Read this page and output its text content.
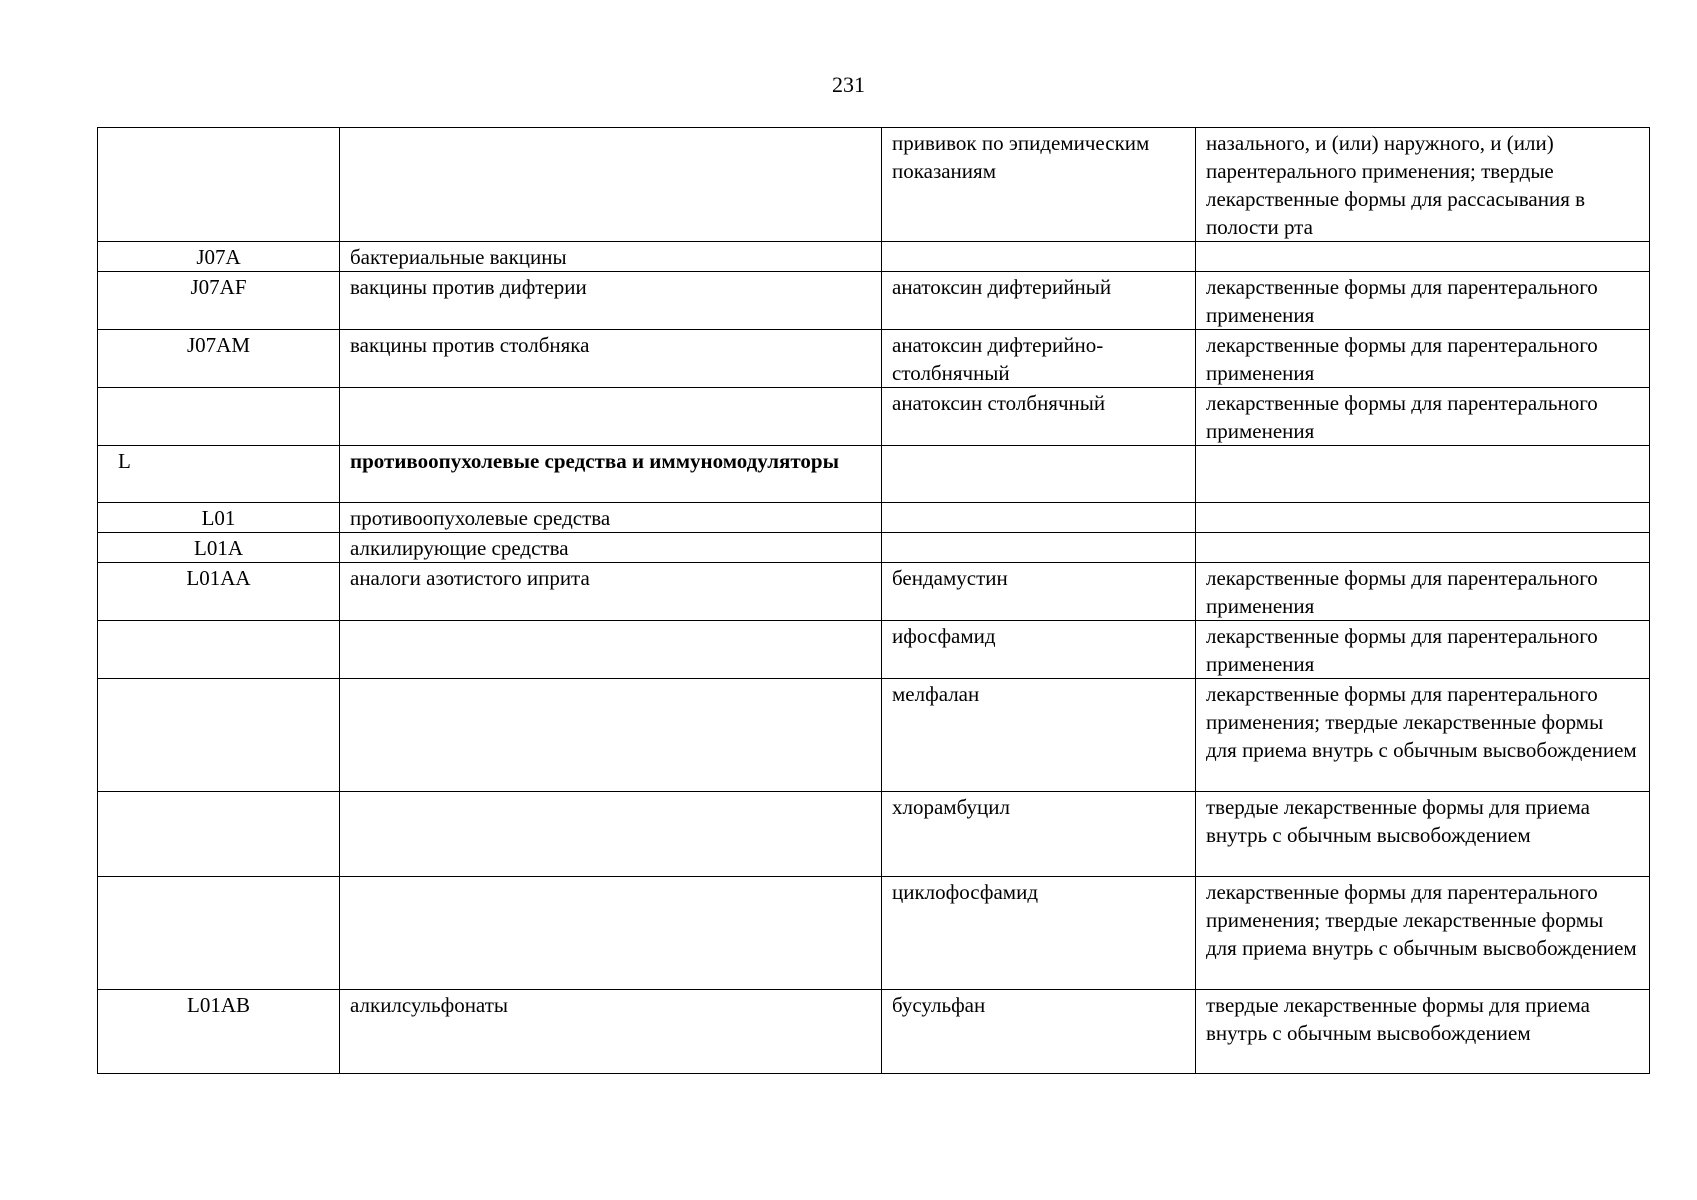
231
		прививок по эпидемическим показаниям	назального, и (или) наружного, и (или) парентерального применения; твердые лекарственные формы для рассасывания в полости рта
J07A	бактериальные вакцины		
J07AF	вакцины против дифтерии	анатоксин дифтерийный	лекарственные формы для парентерального применения
J07AM	вакцины против столбняка	анатоксин дифтерийно-столбнячный	лекарственные формы для парентерального применения
		анатоксин столбнячный	лекарственные формы для парентерального применения
L	противоопухолевые средства и иммуномодуляторы		
L01	противоопухолевые средства		
L01A	алкилирующие средства		
L01AA	аналоги азотистого иприта	бендамустин	лекарственные формы для парентерального применения
		ифосфамид	лекарственные формы для парентерального применения
		мелфалан	лекарственные формы для парентерального применения; твердые лекарственные формы для приема внутрь с обычным высвобождением
		хлорамбуцил	твердые лекарственные формы для приема внутрь с обычным высвобождением
		циклофосфамид	лекарственные формы для парентерального применения; твердые лекарственные формы для приема внутрь с обычным высвобождением
L01AB	алкилсульфонаты	бусульфан	твердые лекарственные формы для приема внутрь с обычным высвобождением
